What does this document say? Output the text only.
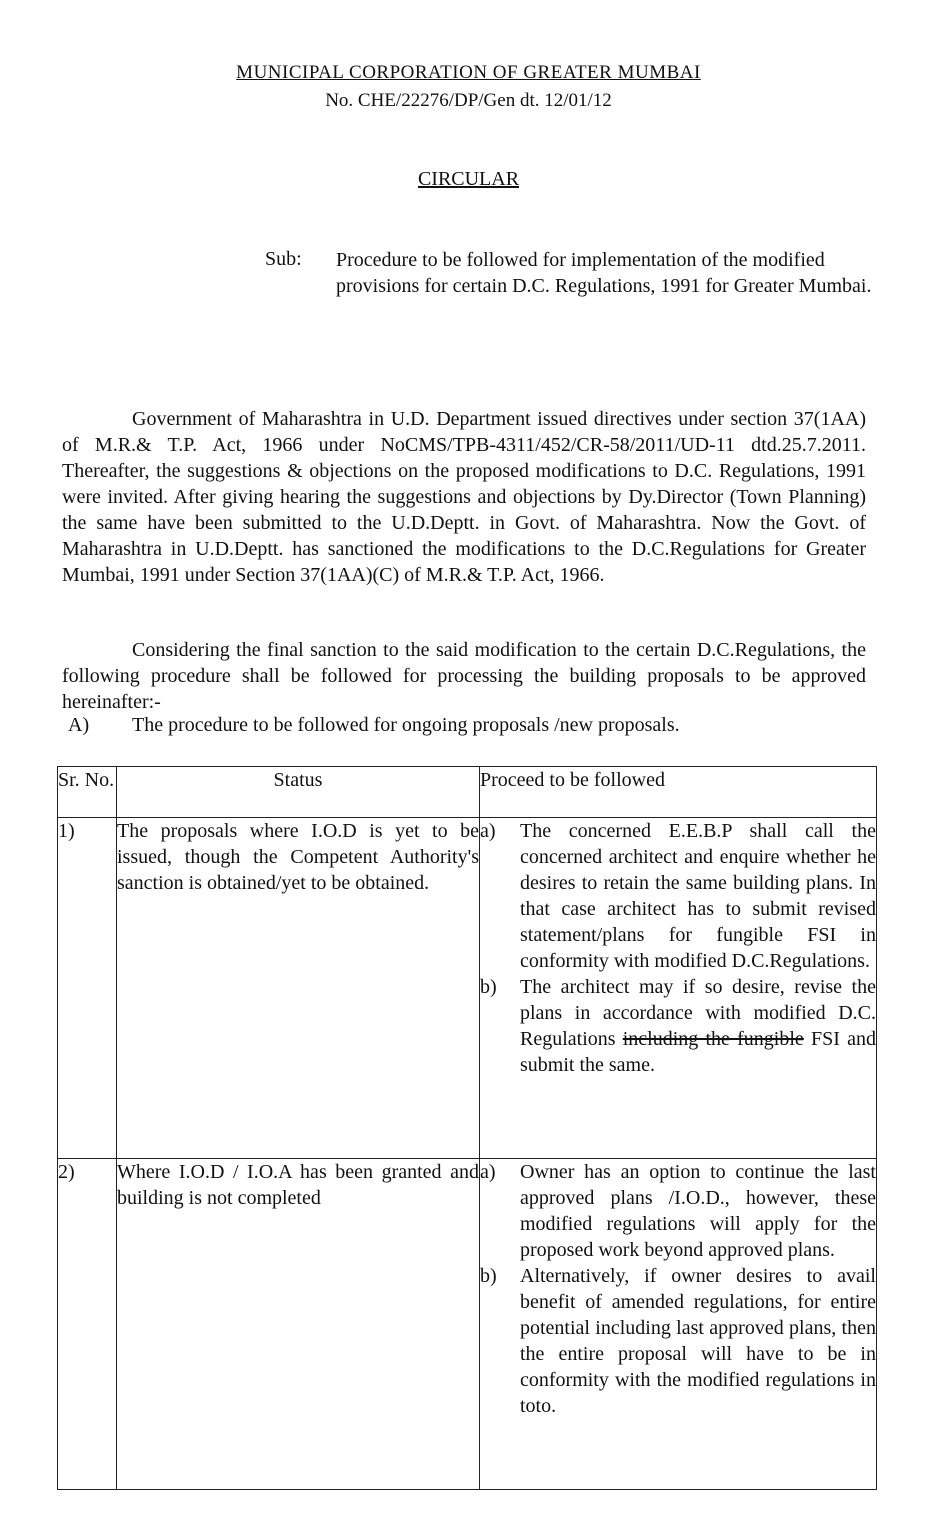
MUNICIPAL CORPORATION OF GREATER MUMBAI
No. CHE/22276/DP/Gen dt. 12/01/12
CIRCULAR
Sub: Procedure to be followed for implementation of the modified provisions for certain D.C. Regulations, 1991 for Greater Mumbai.
Government of Maharashtra in U.D. Department issued directives under section 37(1AA) of M.R.& T.P. Act, 1966 under NoCMS/TPB-4311/452/CR-58/2011/UD-11 dtd.25.7.2011. Thereafter, the suggestions & objections on the proposed modifications to D.C. Regulations, 1991 were invited. After giving hearing the suggestions and objections by Dy.Director (Town Planning) the same have been submitted to the U.D.Deptt. in Govt. of Maharashtra. Now the Govt. of Maharashtra in U.D.Deptt. has sanctioned the modifications to the D.C.Regulations for Greater Mumbai, 1991 under Section 37(1AA)(C) of M.R.& T.P. Act, 1966.
Considering the final sanction to the said modification to the certain D.C.Regulations, the following procedure shall be followed for processing the building proposals to be approved hereinafter:-
A) The procedure to be followed for ongoing proposals /new proposals.
Sr. No.	Status	Proceed to be followed
1)	The proposals where I.O.D is yet to be issued, though the Competent Authority's sanction is obtained/yet to be obtained.	a) The concerned E.E.B.P shall call the concerned architect and enquire whether he desires to retain the same building plans. In that case architect has to submit revised statement/plans for fungible FSI in conformity with modified D.C.Regulations.
b) The architect may if so desire, revise the plans in accordance with modified D.C. Regulations including the fungible FSI and submit the same.

2)	Where I.O.D / I.O.A has been granted and building is not completed	a) Owner has an option to continue the last approved plans /I.O.D., however, these modified regulations will apply for the proposed work beyond approved plans.
b) Alternatively, if owner desires to avail benefit of amended regulations, for entire potential including last approved plans, then the entire proposal will have to be in conformity with the modified regulations in toto.
